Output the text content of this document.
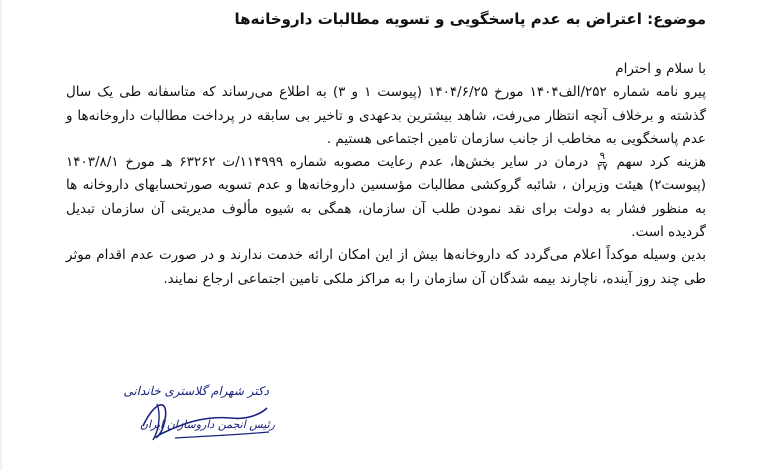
موضوع: اعتراض به عدم پاسخگویی و تسویه مطالبات داروخانه‌ها

با سلام و احترام

پیرو نامه شماره ۲۵۲/الف۱۴۰۴ مورخ ۱۴۰۴/۶/۲۵ (پیوست ۱ و ۳) به اطلاع می‌رساند که متاسفانه طی یک سال گذشته و برخلاف آنچه انتظار می‌رفت، شاهد بیشترین بدعهدی و تاخیر بی سابقه در پرداخت مطالبات داروخانه‌ها و عدم پاسخگویی به مخاطب از جانب سازمان تامین اجتماعی هستیم .

هزینه کرد سهم
$\frac{۹}{۲۷}$
درمان در سایر بخش‌ها، عدم رعایت مصوبه شماره ۱۱۴۹۹۹/ت ۶۳۲۶۲ هـ مورخ ۱۴۰۳/۸/۱ (پیوست۲) هیئت وزیران ، شائبه گروکشی مطالبات مؤسسین داروخانه‌ها و عدم تسویه صورتحسابهای داروخانه ها به منظور فشار به دولت برای نقد نمودن طلب آن سازمان، همگی به شیوه مألوف مدیریتی آن سازمان تبدیل گردیده است.

بدین وسیله موکداً اعلام می‌گردد که داروخانه‌ها بیش از این امکان ارائه خدمت ندارند و در صورت عدم اقدام موثر طی چند روز آینده، ناچارند بیمه شدگان آن سازمان را به مراکز ملکی تامین اجتماعی ارجاع نمایند.

دکتر شهرام گلاستری خاندانی
رئیس انجمن داروسازان ایران
